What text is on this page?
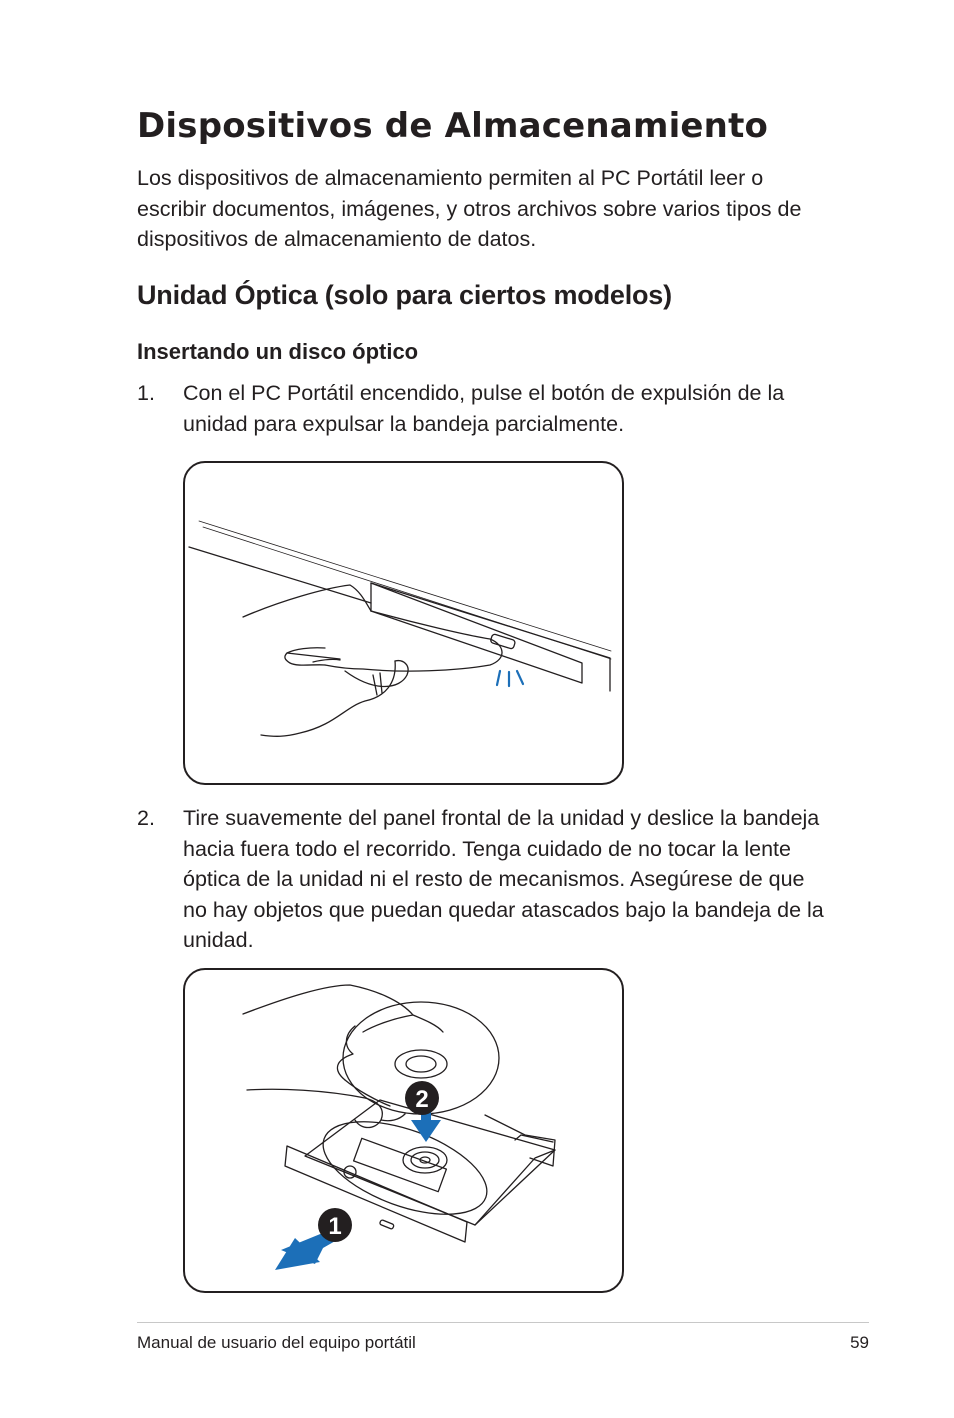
Dispositivos de Almacenamiento

Los dispositivos de almacenamiento permiten al PC Portátil leer o escribir documentos, imágenes, y otros archivos sobre varios tipos de dispositivos de almacenamiento de datos.

Unidad Óptica (solo para ciertos modelos)
Insertando un disco óptico
1. Con el PC Portátil encendido, pulse el botón de expulsión de la unidad para expulsar la bandeja parcialmente.

2. Tire suavemente del panel frontal de la unidad y deslice la bandeja hacia fuera todo el recorrido. Tenga cuidado de no tocar la lente óptica de la unidad ni el resto de mecanismos. Asegúrese de que no hay objetos que puedan quedar atascados bajo la bandeja de la unidad.

2
1
Manual de usuario del equipo portátil	59
